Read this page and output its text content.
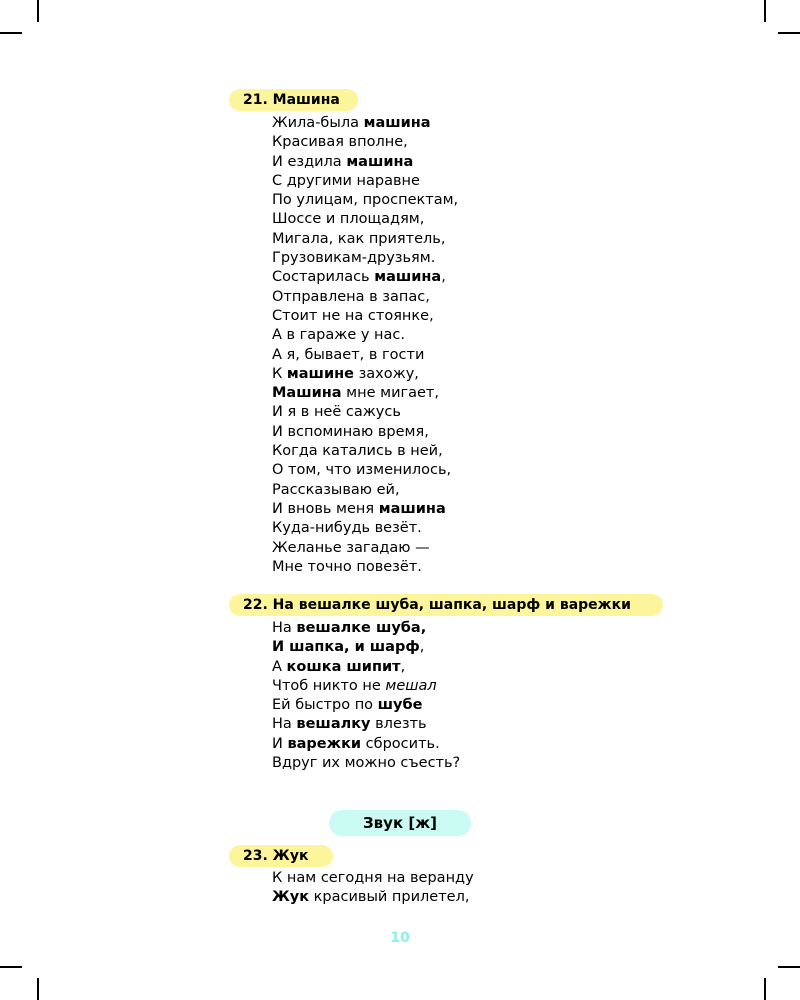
21. Машина
Жила-была машина
Красивая вполне,
И ездила машина
С другими наравне
По улицам, проспектам,
Шоссе и площадям,
Мигала, как приятель,
Грузовикам-друзьям.
Состарилась машина,
Отправлена в запас,
Стоит не на стоянке,
А в гараже у нас.
А я, бывает, в гости
К машине захожу,
Машина мне мигает,
И я в неё сажусь
И вспоминаю время,
Когда катались в ней,
О том, что изменилось,
Рассказываю ей,
И вновь меня машина
Куда-нибудь везёт.
Желанье загадаю —
Мне точно повезёт.
22. На вешалке шуба, шапка, шарф и варежки
На вешалке шуба,
И шапка, и шарф,
А кошка шипит,
Чтоб никто не мешал
Ей быстро по шубе
На вешалку влезть
И варежки сбросить.
Вдруг их можно съесть?
Звук [ж]
23. Жук
К нам сегодня на веранду
Жук красивый прилетел,
10
